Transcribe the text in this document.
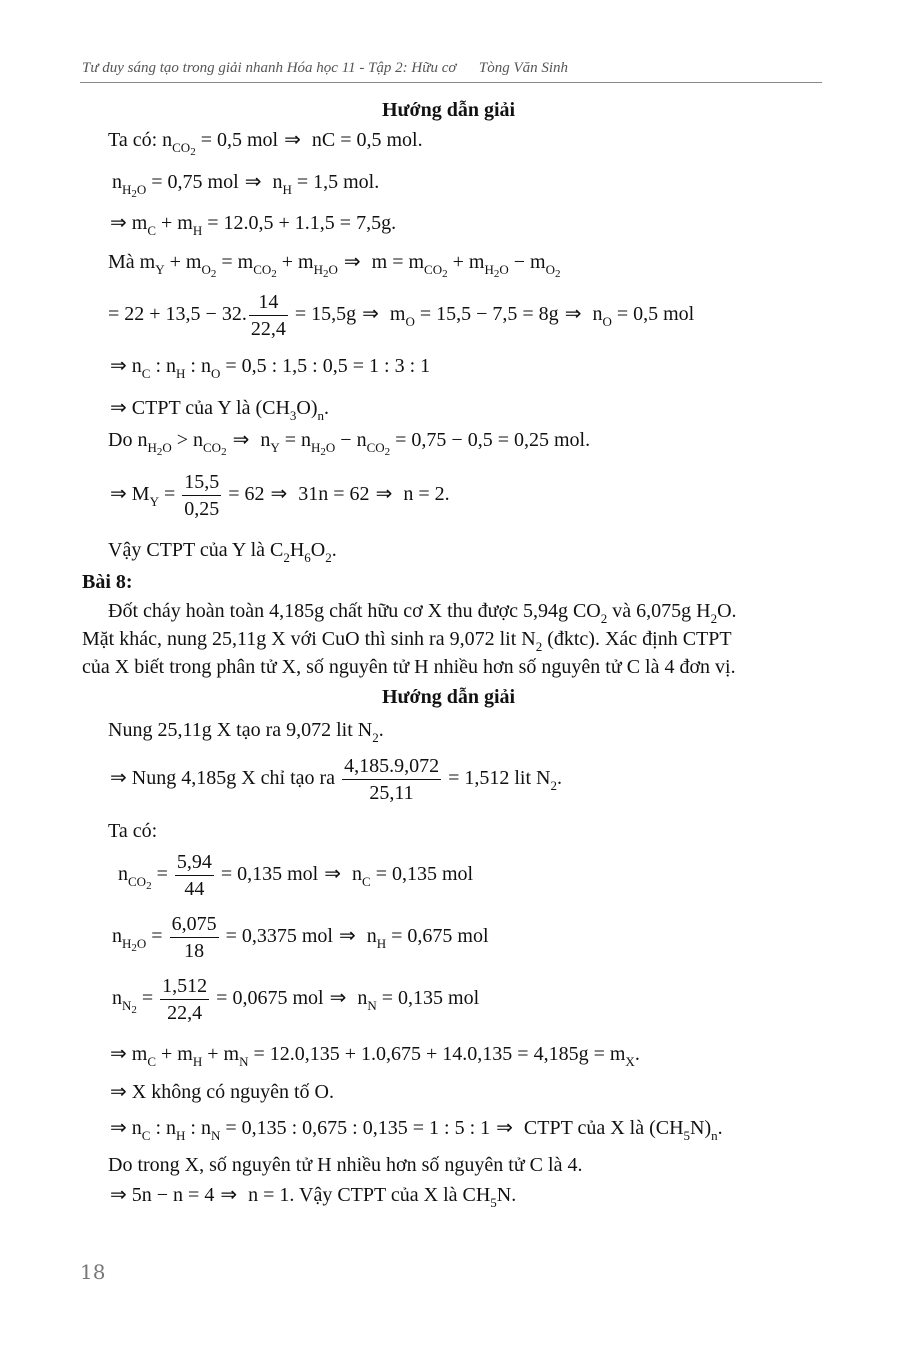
Tư duy sáng tạo trong giải nhanh Hóa học 11 - Tập 2: Hữu cơ      Tòng Văn Sinh
Hướng dẫn giải
Ta có: $n_{CO_2} = 0,5$ mol ⇒ nC = 0,5 mol.
$n_{H_2O} = 0,75$ mol ⇒ $n_H = 1,5$ mol.
⇒ $m_C + m_H = 12.0,5 + 1.1,5 = 7,5g$.
Mà $m_Y + m_{O_2} = m_{CO_2} + m_{H_2O}$ ⇒ $m = m_{CO_2} + m_{H_2O} - m_{O_2}$
= 22 + 13,5 − 32. $\frac{14}{22,4} = 15,5g$ ⇒ $m_O = 15,5 - 7,5 = 8g$ ⇒ $n_O = 0,5$ mol
⇒ $n_C$ : $n_H$ : $n_O = 0,5$ : 1,5 : 0,5 = 1 : 3 : 1
⇒ CTPT của Y là $(CH_3O)_n$.
Do $n_{H_2O}$ > $n_{CO_2}\Rightarrow$ $n_Y = n_{H_2O} - n_{CO_2} = 0,75 - 0,5 = 0,25$ mol.
⇒ $M_Y = \frac{15,5}{0,25} = 62$ ⇒ 31n = 62 ⇒ n = 2.
Vậy CTPT của Y là $C_2H_6O_2$.
Bài 8:
Đốt cháy hoàn toàn 4,185g chất hữu cơ X thu được 5,94g $CO_2$ và 6,075g $H_2O$.
Mặt khác, nung 25,11g X với CuO thì sinh ra 9,072 lit $N_2$ (đktc). Xác định CTPT
của X biết trong phân tử X, số nguyên tử H nhiều hơn số nguyên tử C là 4 đơn vị.
Hướng dẫn giải
Nung 25,11g X tạo ra 9,072 lit $N_2$.
⇒ Nung 4,185g X chỉ tạo ra $\frac{4,185.9,072}{25,11} = 1,512$ lit $N_2$.
Ta có:
$n_{CO_2} = \frac{5,94}{44} = 0,135$ mol ⇒ $n_C = 0,135$ mol
$n_{H_2O} = \frac{6,075}{18} = 0,3375$ mol ⇒ $n_H = 0,675$ mol
$n_{N_2} = \frac{1,512}{22,4} = 0,0675$ mol ⇒ $n_N = 0,135$ mol
⇒ $m_C + m_H + m_N = 12.0,135 + 1.0,675 + 14.0,135 = 4,185g = m_X$.
⇒ X không có nguyên tố O.
⇒ $n_C$ : $n_H$ : $n_N = 0,135$ : 0,675 : 0,135 = 1 : 5 : 1 ⇒ CTPT của X là $(CH_5N)_n$.
Do trong X, số nguyên tử H nhiều hơn số nguyên tử C là 4.
⇒ 5n − n = 4 ⇒ n = 1. Vậy CTPT của X là $CH_5N$.
18
